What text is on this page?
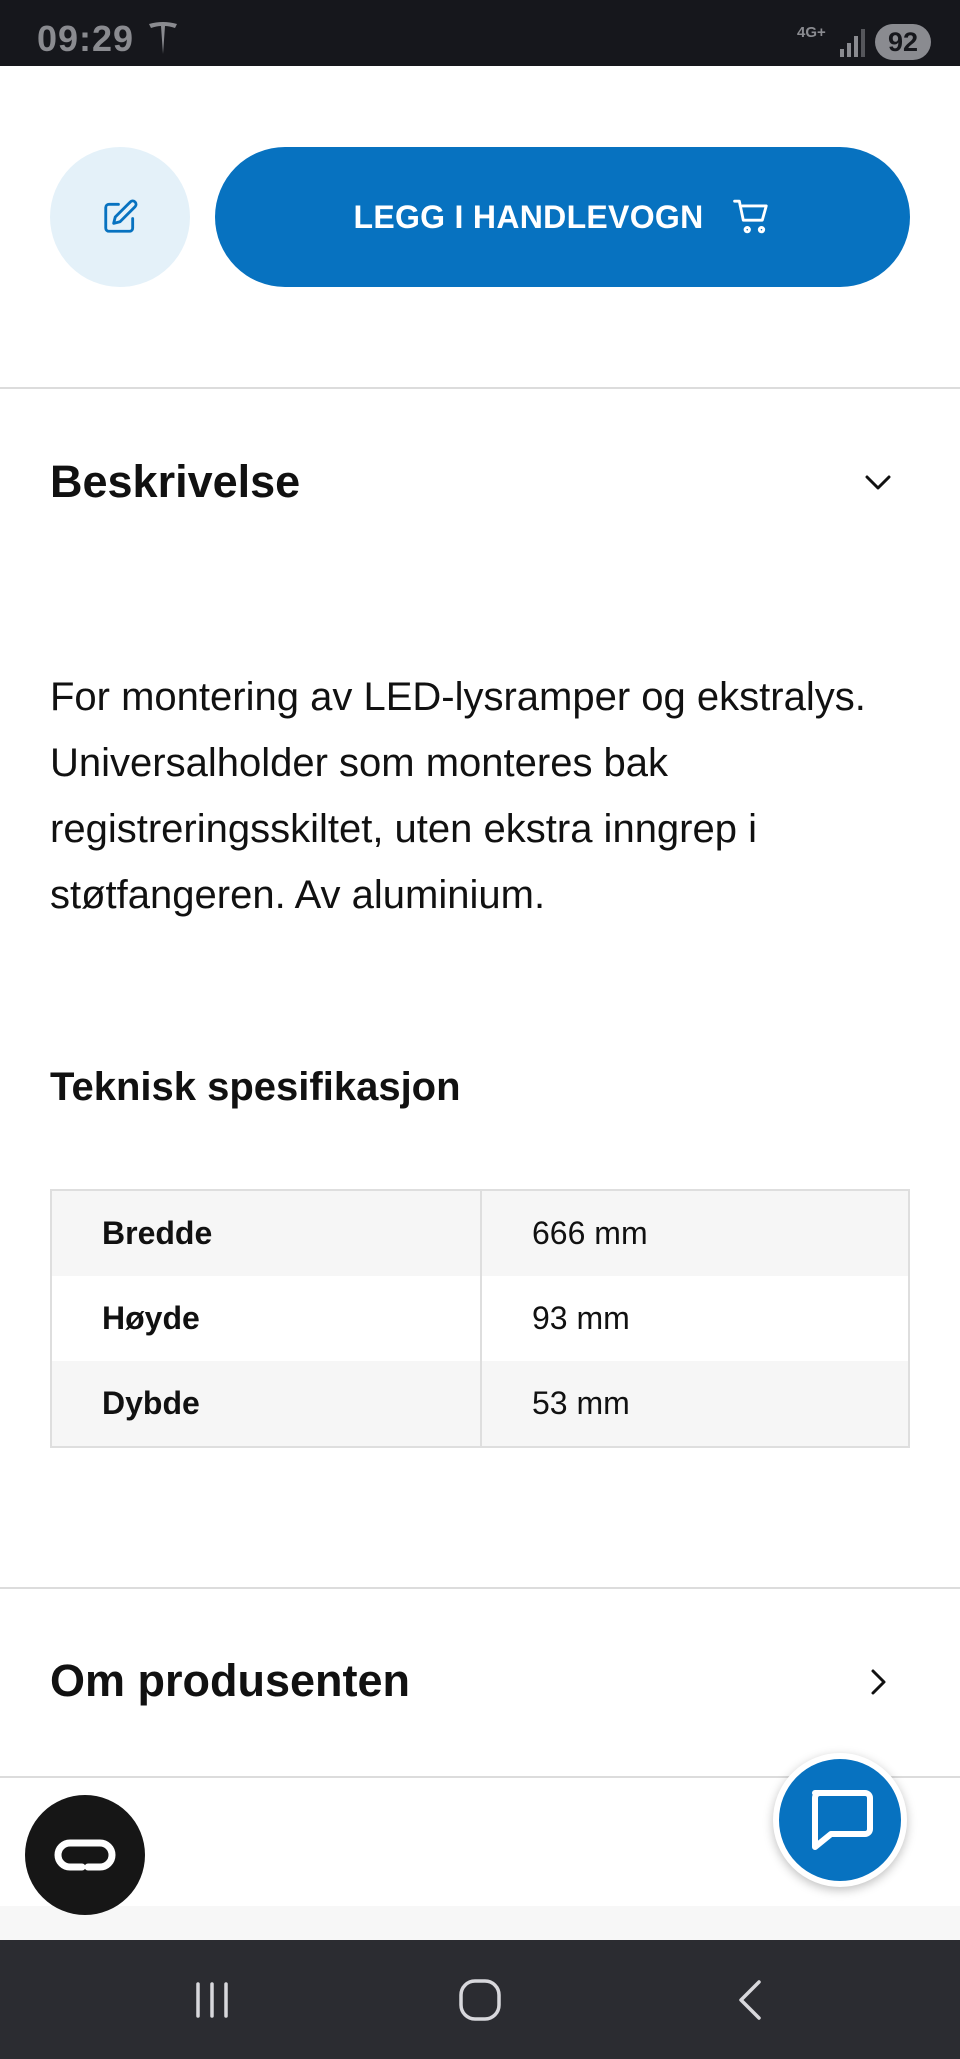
09:29	4G+	92
LEGG I HANDLEVOGN
Beskrivelse

For montering av LED-lysramper og ekstralys. Universalholder som monteres bak registreringsskiltet, uten ekstra inngrep i støtfangeren. Av aluminium.

Teknisk spesifikasjon
Bredde	666 mm
Høyde	93 mm
Dybde	53 mm
Om produsenten
